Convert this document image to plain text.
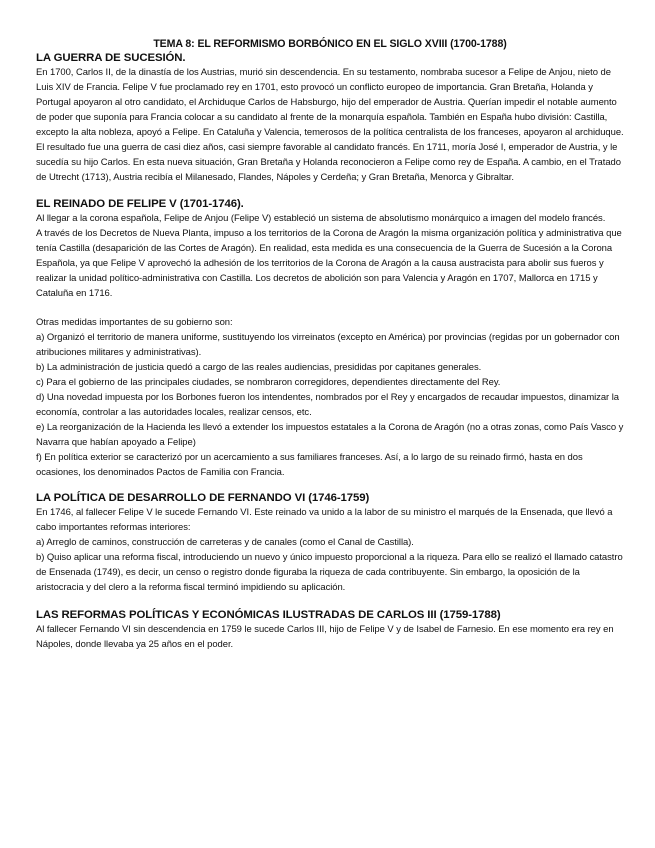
TEMA 8: EL REFORMISMO BORBÓNICO EN EL SIGLO XVIII (1700-1788)
LA GUERRA DE SUCESIÓN.

En 1700, Carlos II, de la dinastía de los Austrias, murió sin descendencia. En su testamento, nombraba sucesor a Felipe de Anjou, nieto de Luis XIV de Francia. Felipe V fue proclamado rey en 1701, esto provocó un conflicto europeo de importancia. Gran Bretaña, Holanda y Portugal apoyaron al otro candidato, el Archiduque Carlos de Habsburgo, hijo del emperador de Austria. Querían impedir el notable aumento de poder que suponía para Francia colocar a su candidato al frente de la monarquía española. También en España hubo división: Castilla, excepto la alta nobleza, apoyó a Felipe. En Cataluña y Valencia, temerosos de la política centralista de los franceses, apoyaron al archiduque. El resultado fue una guerra de casi diez años, casi siempre favorable al candidato francés. En 1711, moría José I, emperador de Austria, y le sucedía su hijo Carlos. En esta nueva situación, Gran Bretaña y Holanda reconocieron a Felipe como rey de España. A cambio, en el Tratado de Utrecht (1713), Austria recibía el Milanesado, Flandes, Nápoles y Cerdeña; y Gran Bretaña, Menorca y Gibraltar.

EL REINADO DE FELIPE V (1701-1746).

Al llegar a la corona española, Felipe de Anjou (Felipe V) estableció un sistema de absolutismo monárquico a imagen del modelo francés.

A través de los Decretos de Nueva Planta, impuso a los territorios de la Corona de Aragón la misma organización política y administrativa que tenía Castilla (desaparición de las Cortes de Aragón). En realidad, esta medida es una consecuencia de la Guerra de Sucesión a la Corona Española, ya que Felipe V aprovechó la adhesión de los territorios de la Corona de Aragón a la causa austracista para abolir sus fueros y realizar la unidad político-administrativa con Castilla. Los decretos de abolición son para Valencia y Aragón en 1707, Mallorca en 1715 y Cataluña en 1716.

Otras medidas importantes de su gobierno son:

a) Organizó el territorio de manera uniforme, sustituyendo los virreinatos (excepto en América) por provincias (regidas por un gobernador con atribuciones militares y administrativas).

b) La administración de justicia quedó a cargo de las reales audiencias, presididas por capitanes generales.

c) Para el gobierno de las principales ciudades, se nombraron corregidores, dependientes directamente del Rey.

d) Una novedad impuesta por los Borbones fueron los intendentes, nombrados por el Rey y encargados de recaudar impuestos, dinamizar la economía, controlar a las autoridades locales, realizar censos, etc.

e) La reorganización de la Hacienda les llevó a extender los impuestos estatales a la Corona de Aragón (no a otras zonas, como País Vasco y Navarra que habían apoyado a Felipe)

f) En política exterior se caracterizó por un acercamiento a sus familiares franceses. Así, a lo largo de su reinado firmó, hasta en dos ocasiones, los denominados Pactos de Familia con Francia.

LA POLÍTICA DE DESARROLLO DE FERNANDO VI (1746-1759)

En 1746, al fallecer Felipe V le sucede Fernando VI. Este reinado va unido a la labor de su ministro el marqués de la Ensenada, que llevó a cabo importantes reformas interiores:

a) Arreglo de caminos, construcción de carreteras y de canales (como el Canal de Castilla).

b) Quiso aplicar una reforma fiscal, introduciendo un nuevo y único impuesto proporcional a la riqueza. Para ello se realizó el llamado catastro de Ensenada (1749), es decir, un censo o registro donde figuraba la riqueza de cada contribuyente. Sin embargo, la oposición de la aristocracia y del clero a la reforma fiscal terminó impidiendo su aplicación.

LAS REFORMAS POLÍTICAS Y ECONÓMICAS ILUSTRADAS DE CARLOS III (1759-1788)

Al fallecer Fernando VI sin descendencia en 1759 le sucede Carlos III, hijo de Felipe V y de Isabel de Farnesio. En ese momento era rey en Nápoles, donde llevaba ya 25 años en el poder.
